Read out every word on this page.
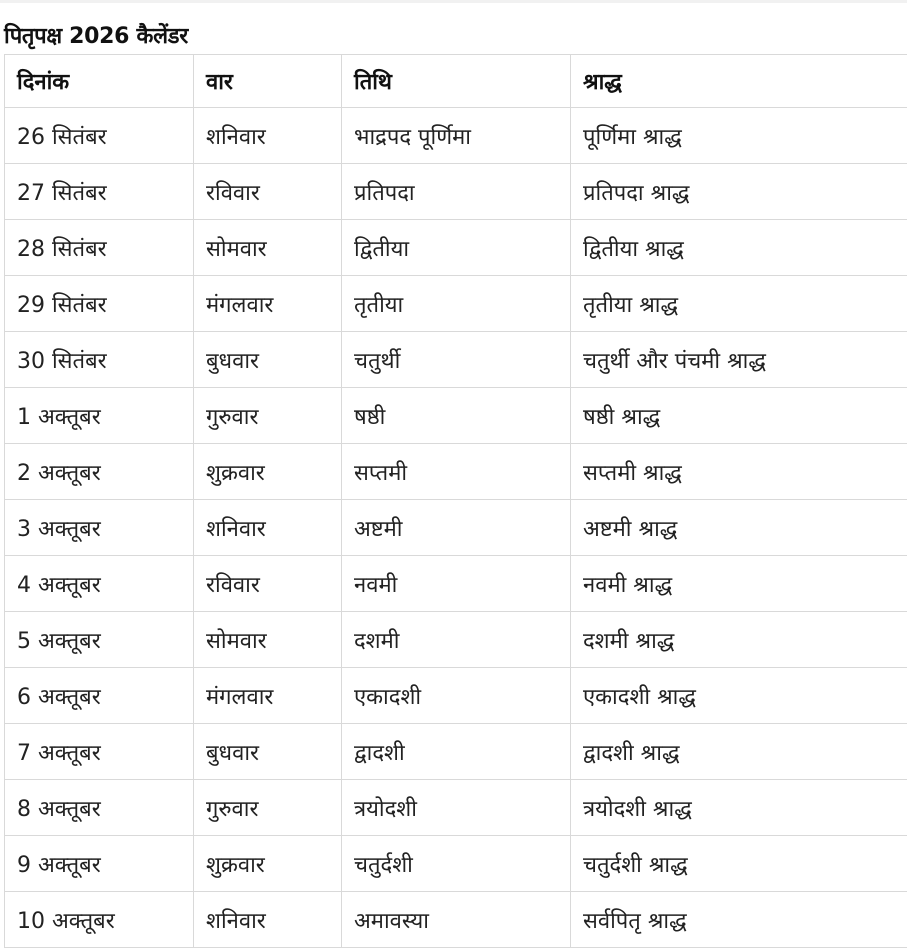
पितृपक्ष 2026 कैलेंडर
दिनांक	वार	तिथि	श्राद्ध
26 सितंबर	शनिवार	भाद्रपद पूर्णिमा	पूर्णिमा श्राद्ध
27 सितंबर	रविवार	प्रतिपदा	प्रतिपदा श्राद्ध
28 सितंबर	सोमवार	द्वितीया	द्वितीया श्राद्ध
29 सितंबर	मंगलवार	तृतीया	तृतीया श्राद्ध
30 सितंबर	बुधवार	चतुर्थी	चतुर्थी और पंचमी श्राद्ध
1 अक्तूबर	गुरुवार	षष्ठी	षष्ठी श्राद्ध
2 अक्तूबर	शुक्रवार	सप्तमी	सप्तमी श्राद्ध
3 अक्तूबर	शनिवार	अष्टमी	अष्टमी श्राद्ध
4 अक्तूबर	रविवार	नवमी	नवमी श्राद्ध
5 अक्तूबर	सोमवार	दशमी	दशमी श्राद्ध
6 अक्तूबर	मंगलवार	एकादशी	एकादशी श्राद्ध
7 अक्तूबर	बुधवार	द्वादशी	द्वादशी श्राद्ध
8 अक्तूबर	गुरुवार	त्रयोदशी	त्रयोदशी श्राद्ध
9 अक्तूबर	शुक्रवार	चतुर्दशी	चतुर्दशी श्राद्ध
10 अक्तूबर	शनिवार	अमावस्या	सर्वपितृ श्राद्ध
